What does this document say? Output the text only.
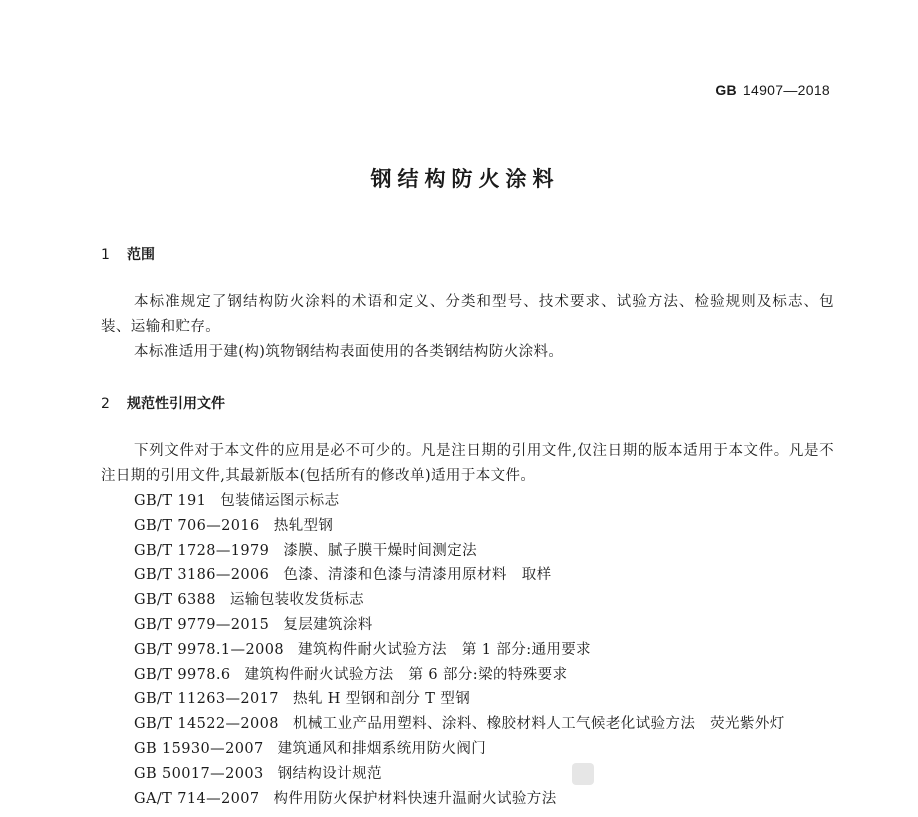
GB 14907—2018
钢结构防火涂料
1 范围
本标准规定了钢结构防火涂料的术语和定义、分类和型号、技术要求、试验方法、检验规则及标志、包装、运输和贮存。
本标准适用于建(构)筑物钢结构表面使用的各类钢结构防火涂料。
2 规范性引用文件
下列文件对于本文件的应用是必不可少的。凡是注日期的引用文件,仅注日期的版本适用于本文件。凡是不注日期的引用文件,其最新版本(包括所有的修改单)适用于本文件。
GB/T 191 包装储运图示标志
GB/T 706—2016 热轧型钢
GB/T 1728—1979 漆膜、腻子膜干燥时间测定法
GB/T 3186—2006 色漆、清漆和色漆与清漆用原材料　取样
GB/T 6388 运输包装收发货标志
GB/T 9779—2015 复层建筑涂料
GB/T 9978.1—2008 建筑构件耐火试验方法　第 1 部分:通用要求
GB/T 9978.6 建筑构件耐火试验方法　第 6 部分:梁的特殊要求
GB/T 11263—2017 热轧 H 型钢和剖分 T 型钢
GB/T 14522—2008 机械工业产品用塑料、涂料、橡胶材料人工气候老化试验方法　荧光紫外灯
GB 15930—2007 建筑通风和排烟系统用防火阀门
GB 50017—2003 钢结构设计规范
GA/T 714—2007 构件用防火保护材料快速升温耐火试验方法
